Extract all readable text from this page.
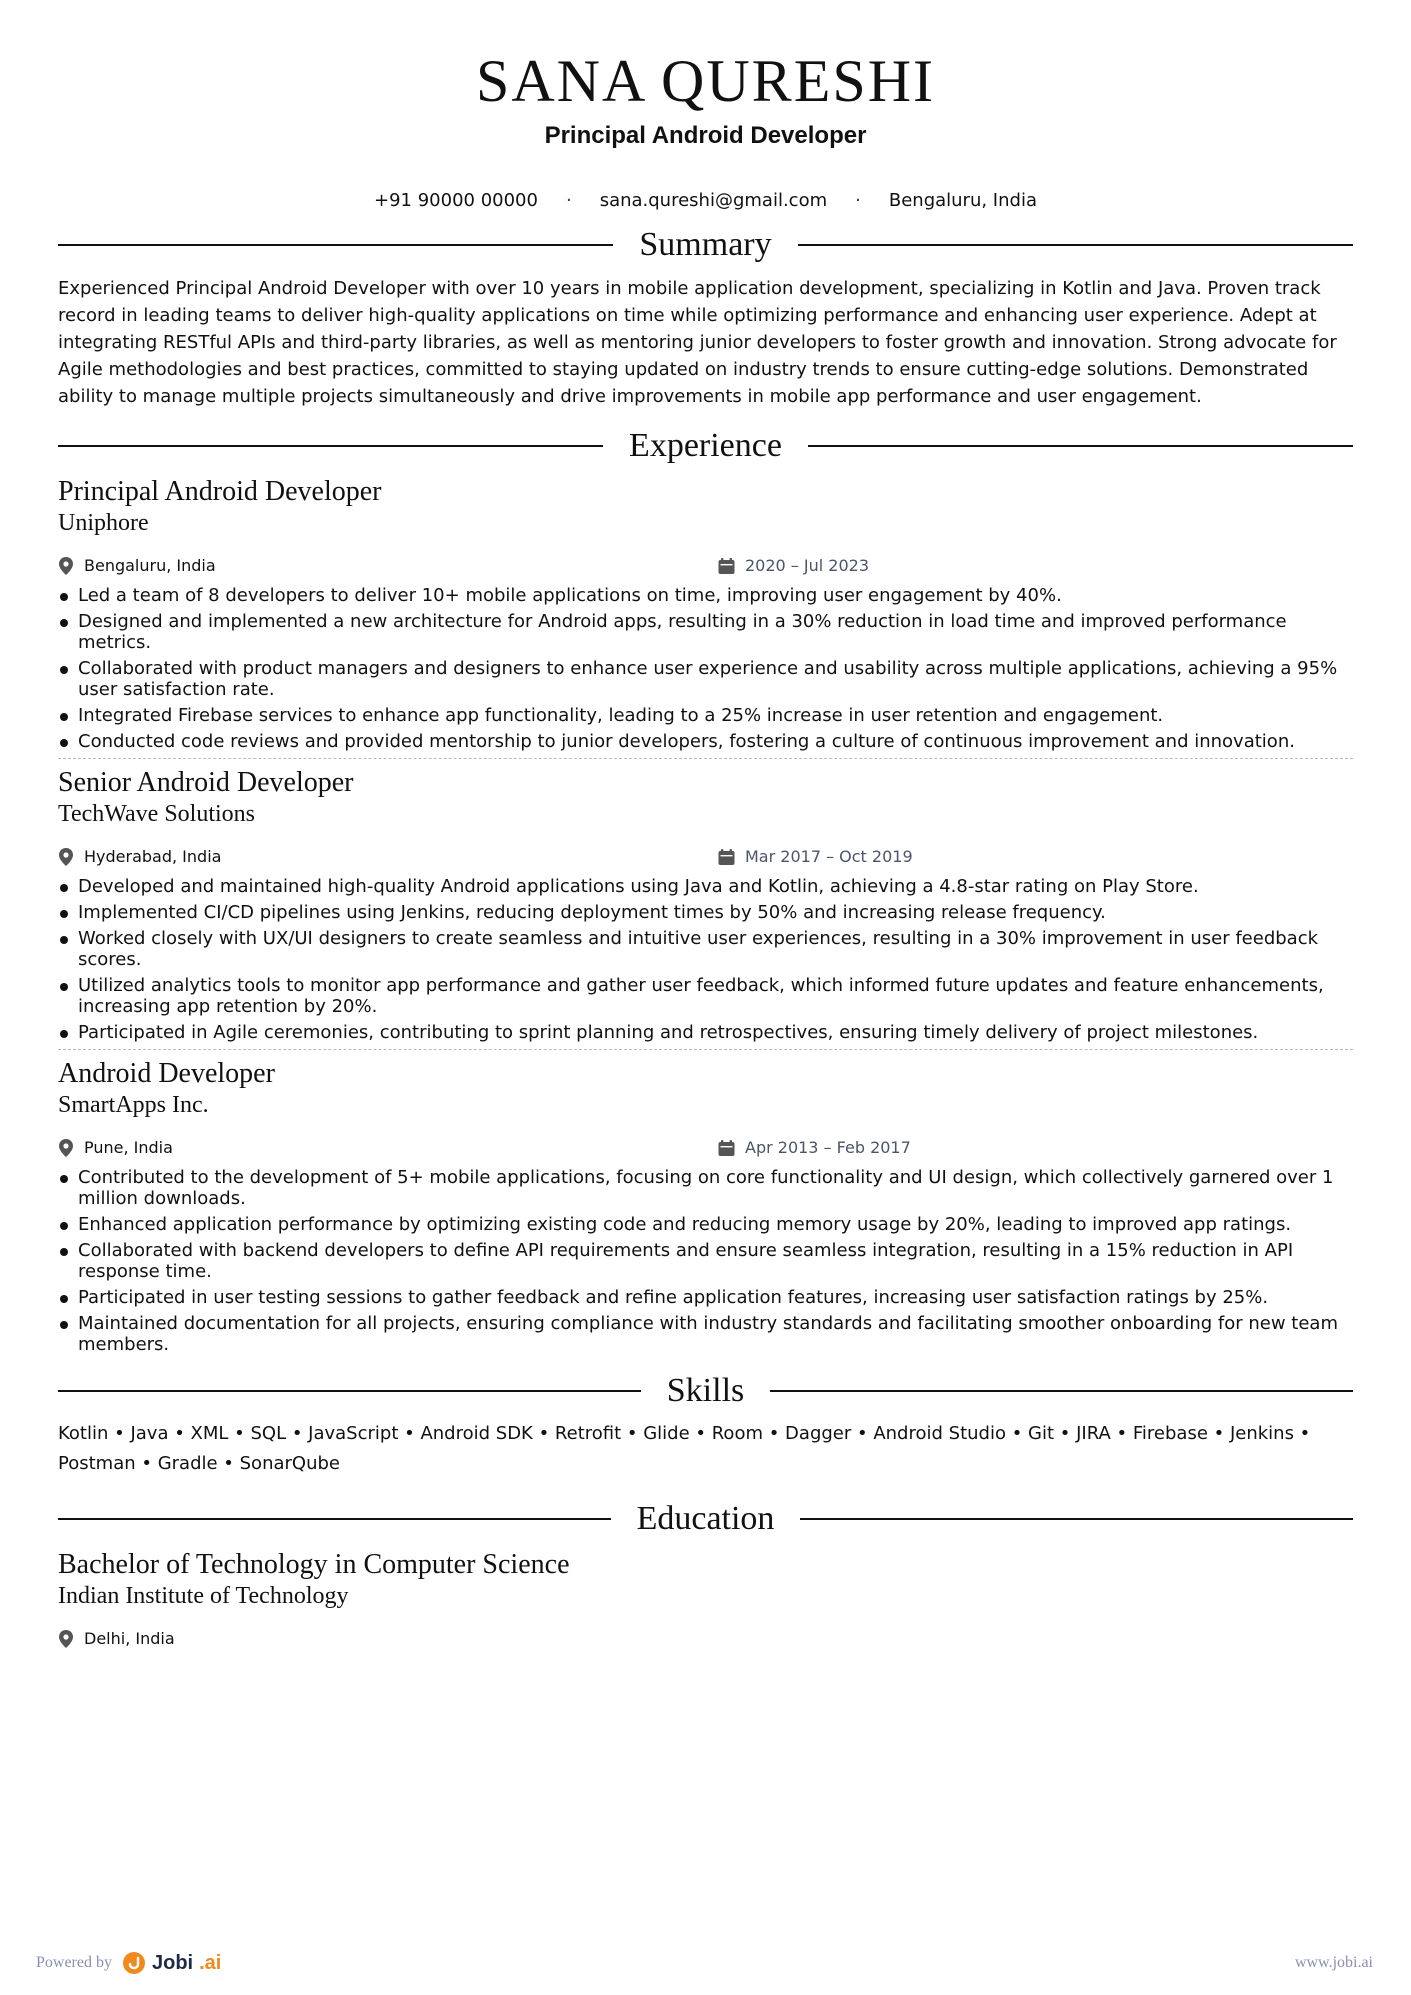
SANA QURESHI
Principal Android Developer
+91 90000 00000 · sana.qureshi@gmail.com · Bengaluru, India
Summary
Experienced Principal Android Developer with over 10 years in mobile application development, specializing in Kotlin and Java. Proven track record in leading teams to deliver high-quality applications on time while optimizing performance and enhancing user experience. Adept at integrating RESTful APIs and third-party libraries, as well as mentoring junior developers to foster growth and innovation. Strong advocate for Agile methodologies and best practices, committed to staying updated on industry trends to ensure cutting-edge solutions. Demonstrated ability to manage multiple projects simultaneously and drive improvements in mobile app performance and user engagement.
Experience
Principal Android Developer
Uniphore
Bengaluru, India	2020 – Jul 2023
Led a team of 8 developers to deliver 10+ mobile applications on time, improving user engagement by 40%.
Designed and implemented a new architecture for Android apps, resulting in a 30% reduction in load time and improved performance metrics.
Collaborated with product managers and designers to enhance user experience and usability across multiple applications, achieving a 95% user satisfaction rate.
Integrated Firebase services to enhance app functionality, leading to a 25% increase in user retention and engagement.
Conducted code reviews and provided mentorship to junior developers, fostering a culture of continuous improvement and innovation.
Senior Android Developer
TechWave Solutions
Hyderabad, India	Mar 2017 – Oct 2019
Developed and maintained high-quality Android applications using Java and Kotlin, achieving a 4.8-star rating on Play Store.
Implemented CI/CD pipelines using Jenkins, reducing deployment times by 50% and increasing release frequency.
Worked closely with UX/UI designers to create seamless and intuitive user experiences, resulting in a 30% improvement in user feedback scores.
Utilized analytics tools to monitor app performance and gather user feedback, which informed future updates and feature enhancements, increasing app retention by 20%.
Participated in Agile ceremonies, contributing to sprint planning and retrospectives, ensuring timely delivery of project milestones.
Android Developer
SmartApps Inc.
Pune, India	Apr 2013 – Feb 2017
Contributed to the development of 5+ mobile applications, focusing on core functionality and UI design, which collectively garnered over 1 million downloads.
Enhanced application performance by optimizing existing code and reducing memory usage by 20%, leading to improved app ratings.
Collaborated with backend developers to define API requirements and ensure seamless integration, resulting in a 15% reduction in API response time.
Participated in user testing sessions to gather feedback and refine application features, increasing user satisfaction ratings by 25%.
Maintained documentation for all projects, ensuring compliance with industry standards and facilitating smoother onboarding for new team members.
Skills
Kotlin • Java • XML • SQL • JavaScript • Android SDK • Retrofit • Glide • Room • Dagger • Android Studio • Git • JIRA • Firebase • Jenkins • Postman • Gradle • SonarQube
Education
Bachelor of Technology in Computer Science
Indian Institute of Technology
Delhi, India
Powered by Jobi .ai	www.jobi.ai
